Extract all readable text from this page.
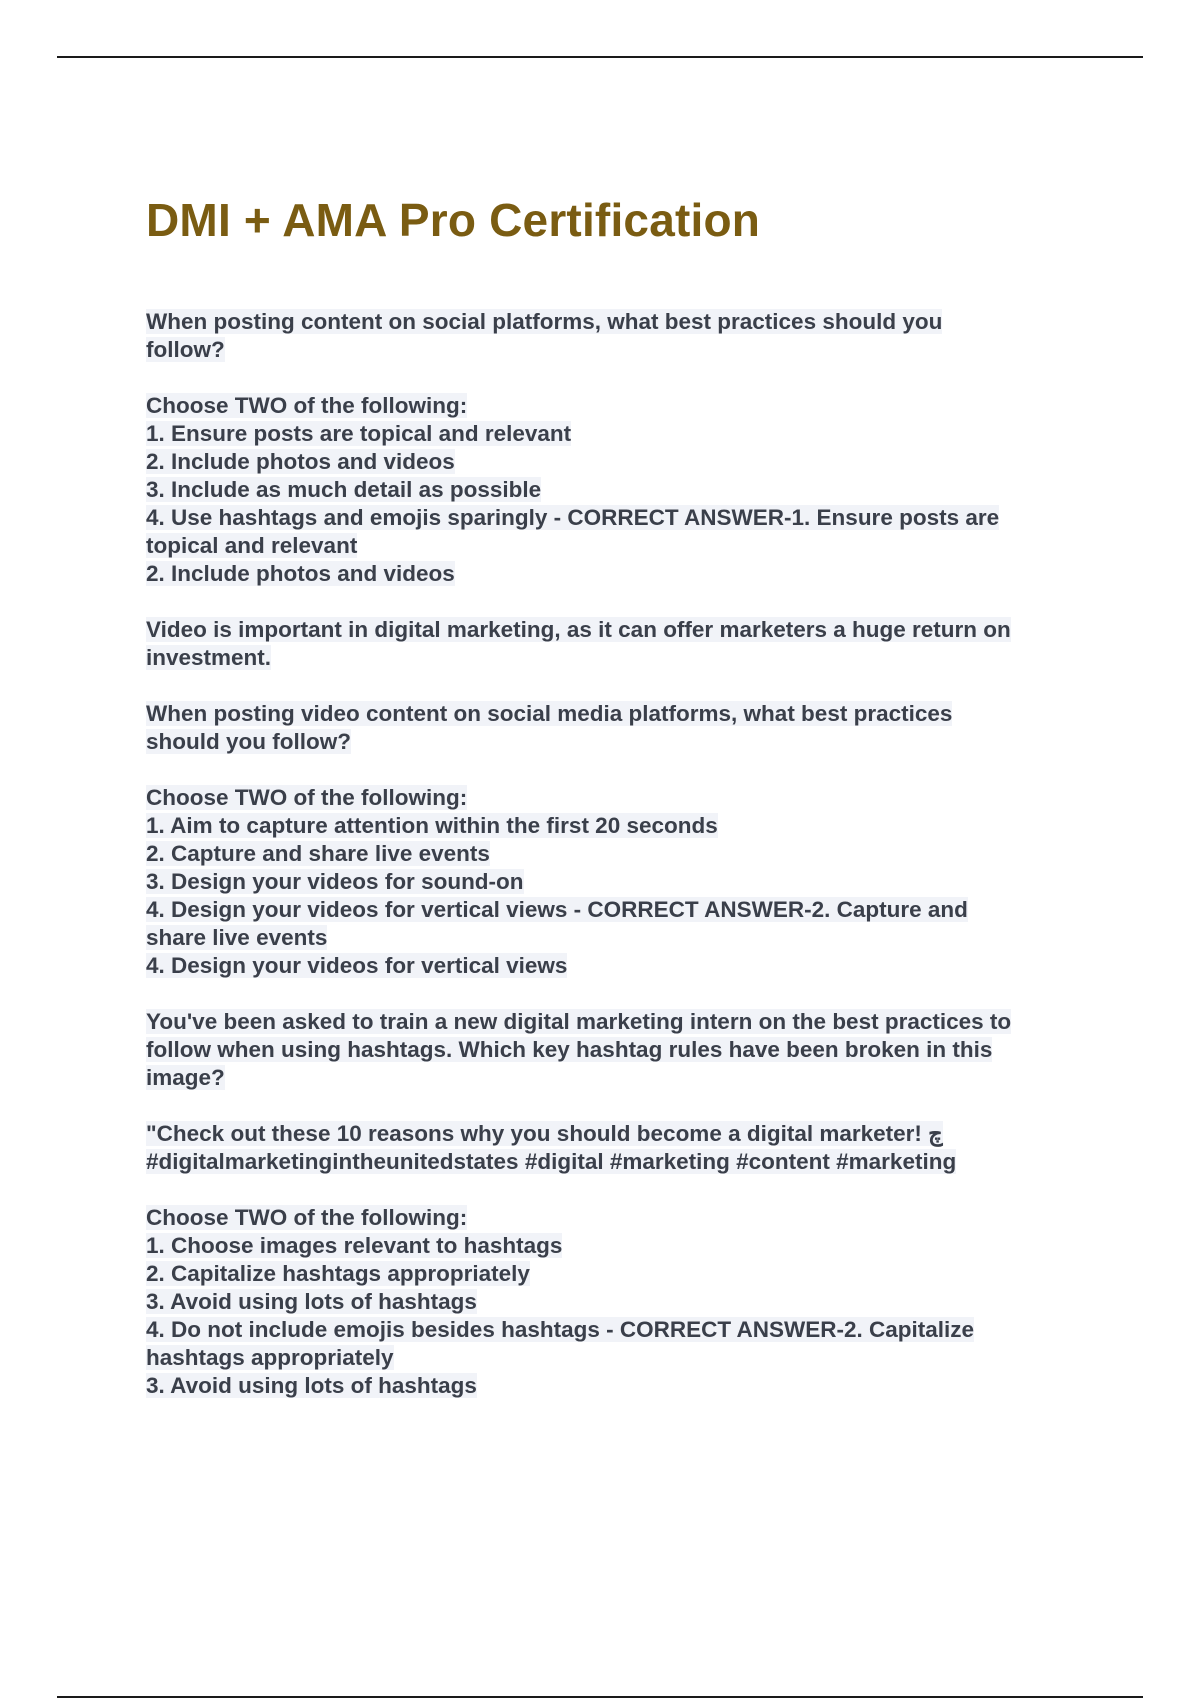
DMI + AMA Pro Certification

When posting content on social platforms, what best practices should you
follow?

Choose TWO of the following:
1. Ensure posts are topical and relevant
2. Include photos and videos
3. Include as much detail as possible
4. Use hashtags and emojis sparingly - CORRECT ANSWER-1. Ensure posts are
topical and relevant
2. Include photos and videos

Video is important in digital marketing, as it can offer marketers a huge return on
investment.

When posting video content on social media platforms, what best practices
should you follow?

Choose TWO of the following:
1. Aim to capture attention within the first 20 seconds
2. Capture and share live events
3. Design your videos for sound-on
4. Design your videos for vertical views - CORRECT ANSWER-2. Capture and
share live events
4. Design your videos for vertical views

You've been asked to train a new digital marketing intern on the best practices to
follow when using hashtags. Which key hashtag rules have been broken in this
image?

"Check out these 10 reasons why you should become a digital marketer! چ
#digitalmarketingintheunitedstates #digital #marketing #content #marketing

Choose TWO of the following:
1. Choose images relevant to hashtags
2. Capitalize hashtags appropriately
3. Avoid using lots of hashtags
4. Do not include emojis besides hashtags - CORRECT ANSWER-2. Capitalize
hashtags appropriately
3. Avoid using lots of hashtags
